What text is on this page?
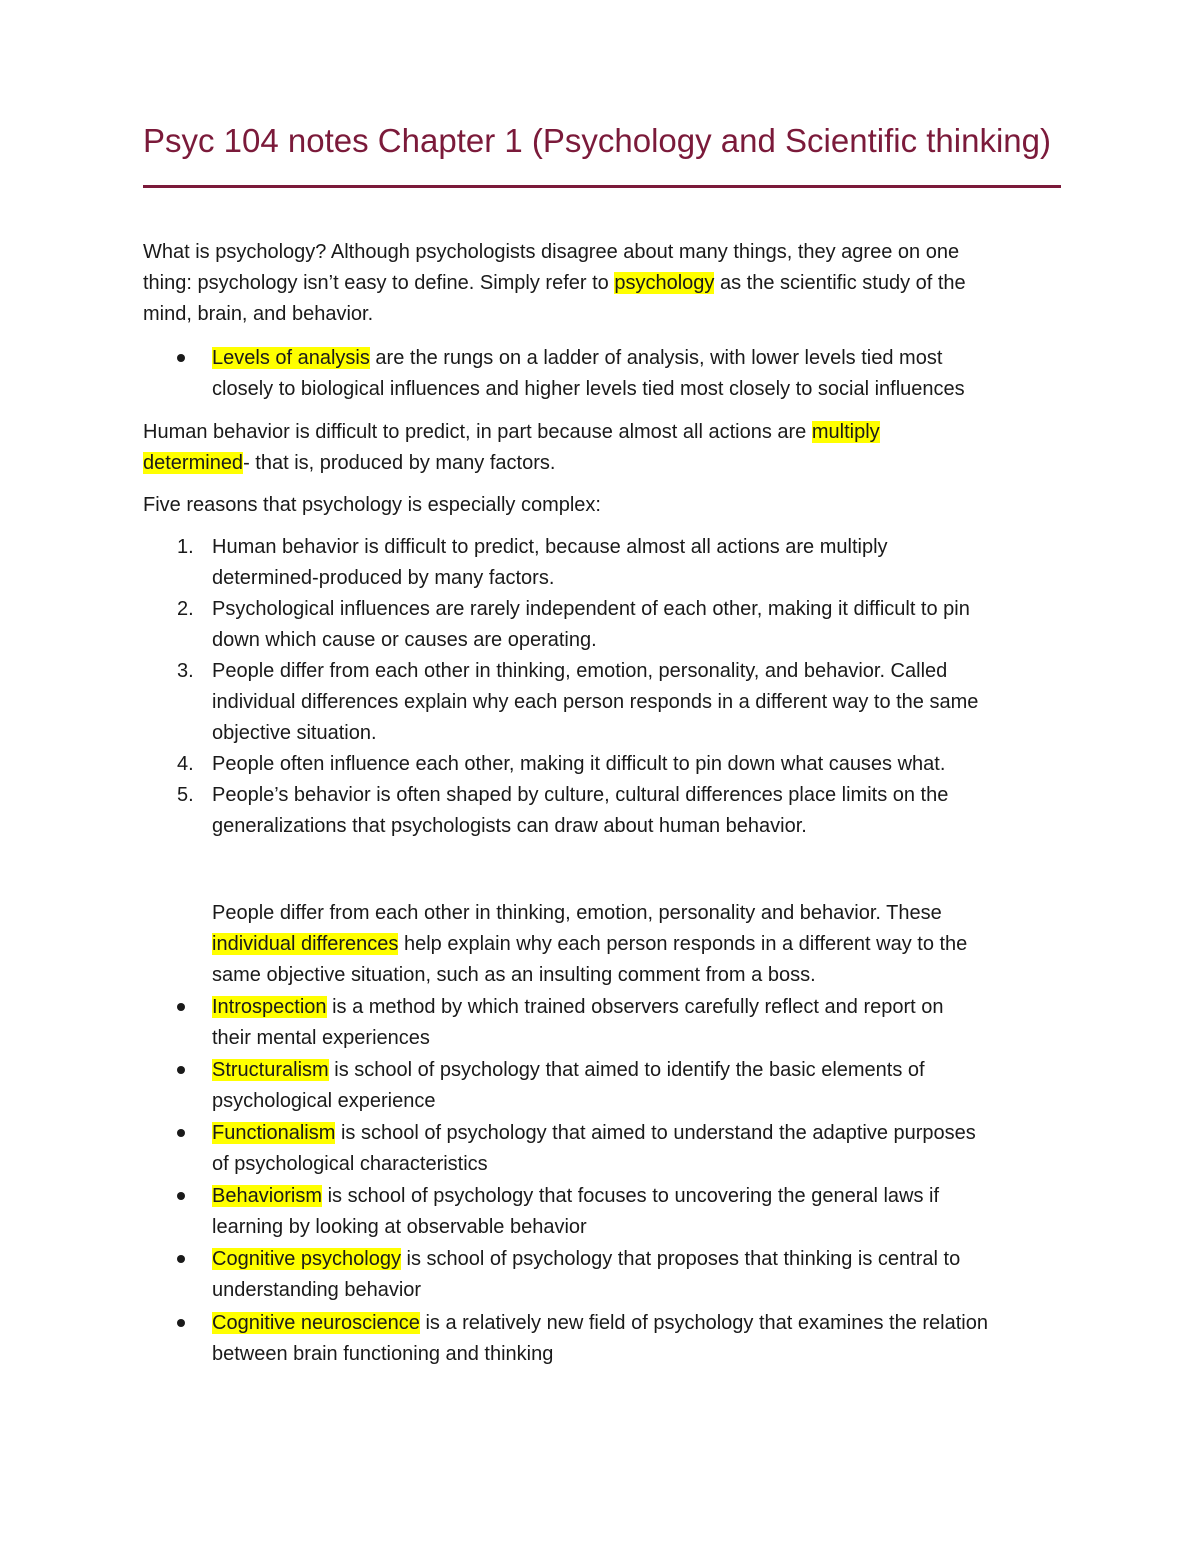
Psyc 104 notes Chapter 1 (Psychology and Scientific thinking)

What is psychology? Although psychologists disagree about many things, they agree on one
thing: psychology isn’t easy to define. Simply refer to psychology as the scientific study of the
mind, brain, and behavior.

Levels of analysis are the rungs on a ladder of analysis, with lower levels tied most
closely to biological influences and higher levels tied most closely to social influences

Human behavior is difficult to predict, in part because almost all actions are multiply
determined- that is, produced by many factors.

Five reasons that psychology is especially complex:

1. Human behavior is difficult to predict, because almost all actions are multiply
determined-produced by many factors.

2. Psychological influences are rarely independent of each other, making it difficult to pin
down which cause or causes are operating.

3. People differ from each other in thinking, emotion, personality, and behavior. Called
individual differences explain why each person responds in a different way to the same
objective situation.

4. People often influence each other, making it difficult to pin down what causes what.

5. People’s behavior is often shaped by culture, cultural differences place limits on the
generalizations that psychologists can draw about human behavior.

People differ from each other in thinking, emotion, personality and behavior. These
individual differences help explain why each person responds in a different way to the
same objective situation, such as an insulting comment from a boss.

Introspection is a method by which trained observers carefully reflect and report on
their mental experiences

Structuralism is school of psychology that aimed to identify the basic elements of
psychological experience

Functionalism is school of psychology that aimed to understand the adaptive purposes
of psychological characteristics

Behaviorism is school of psychology that focuses to uncovering the general laws if
learning by looking at observable behavior

Cognitive psychology is school of psychology that proposes that thinking is central to
understanding behavior

Cognitive neuroscience is a relatively new field of psychology that examines the relation
between brain functioning and thinking
